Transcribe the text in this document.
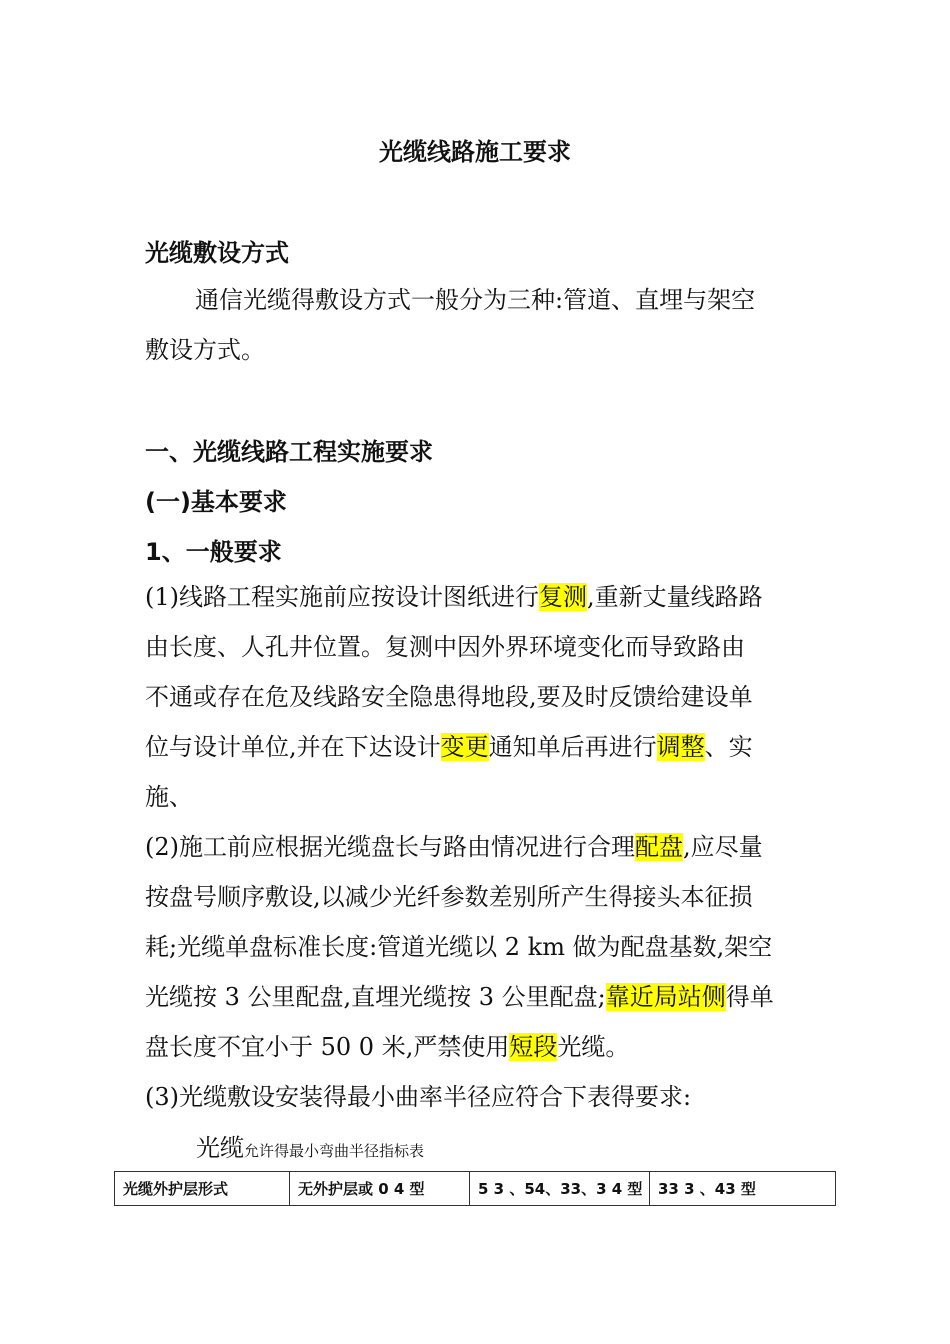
光缆线路施工要求
光缆敷设方式
通信光缆得敷设方式一般分为三种:管道、直埋与架空
敷设方式。
一、光缆线路工程实施要求
(一)基本要求
1、一般要求
(1)线路工程实施前应按设计图纸进行复测,重新丈量线路路
由长度、人孔井位置。复测中因外界环境变化而导致路由
不通或存在危及线路安全隐患得地段,要及时反馈给建设单
位与设计单位,并在下达设计变更通知单后再进行调整、实
施、
(2)施工前应根据光缆盘长与路由情况进行合理配盘,应尽量
按盘号顺序敷设,以减少光纤参数差别所产生得接头本征损
耗;光缆单盘标准长度:管道光缆以 2 km 做为配盘基数,架空
光缆按 3 公里配盘,直埋光缆按 3 公里配盘;靠近局站侧得单
盘长度不宜小于 50 0 米,严禁使用短段光缆。
(3)光缆敷设安装得最小曲率半径应符合下表得要求:
光缆允许得最小弯曲半径指标表
光缆外护层形式	无外护层或 0 4 型	5 3 、54、33、3 4 型	33 3 、43 型
